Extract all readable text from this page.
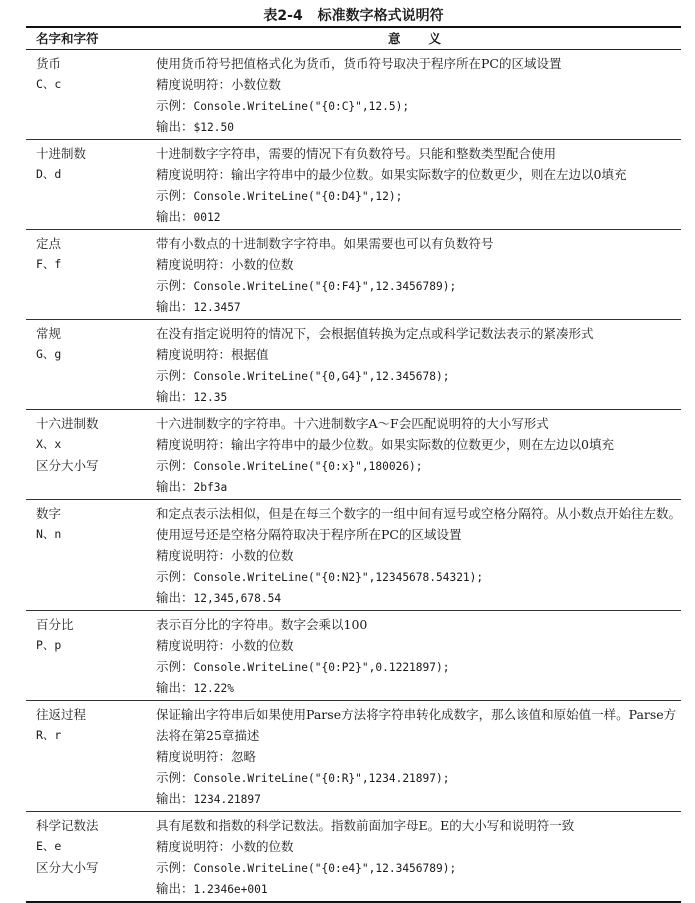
表2-4 标准数字格式说明符
名字和字符	意义
货币
C、c
使用货币符号把值格式化为货币，货币符号取决于程序所在PC的区域设置
精度说明符：小数位数
示例：Console.WriteLine("{0:C}",12.5);
输出：$12.50
十进制数
D、d
十进制数字字符串，需要的情况下有负数符号。只能和整数类型配合使用
精度说明符：输出字符串中的最少位数。如果实际数字的位数更少，则在左边以0填充
示例：Console.WriteLine("{0:D4}",12);
输出：0012
定点
F、f
带有小数点的十进制数字字符串。如果需要也可以有负数符号
精度说明符：小数的位数
示例：Console.WriteLine("{0:F4}",12.3456789);
输出：12.3457
常规
G、g
在没有指定说明符的情况下，会根据值转换为定点或科学记数法表示的紧凑形式
精度说明符：根据值
示例：Console.WriteLine("{0,G4}",12.345678);
输出：12.35
十六进制数
X、x
区分大小写
十六进制数字的字符串。十六进制数字A～F会匹配说明符的大小写形式
精度说明符：输出字符串中的最少位数。如果实际数的位数更少，则在左边以0填充
示例：Console.WriteLine("{0:x}",180026);
输出：2bf3a
数字
N、n
和定点表示法相似，但是在每三个数字的一组中间有逗号或空格分隔符。从小数点开始往左数。使用逗号还是空格分隔符取决于程序所在PC的区域设置
精度说明符：小数的位数
示例：Console.WriteLine("{0:N2}",12345678.54321);
输出：12,345,678.54
百分比
P、p
表示百分比的字符串。数字会乘以100
精度说明符：小数的位数
示例：Console.WriteLine("{0:P2}",0.1221897);
输出：12.22%
往返过程
R、r
保证输出字符串后如果使用Parse方法将字符串转化成数字，那么该值和原始值一样。Parse方法将在第25章描述
精度说明符：忽略
示例：Console.WriteLine("{0:R}",1234.21897);
输出：1234.21897
科学记数法
E、e
区分大小写
具有尾数和指数的科学记数法。指数前面加字母E。E的大小写和说明符一致
精度说明符：小数的位数
示例：Console.WriteLine("{0:e4}",12.3456789);
输出：1.2346e+001
